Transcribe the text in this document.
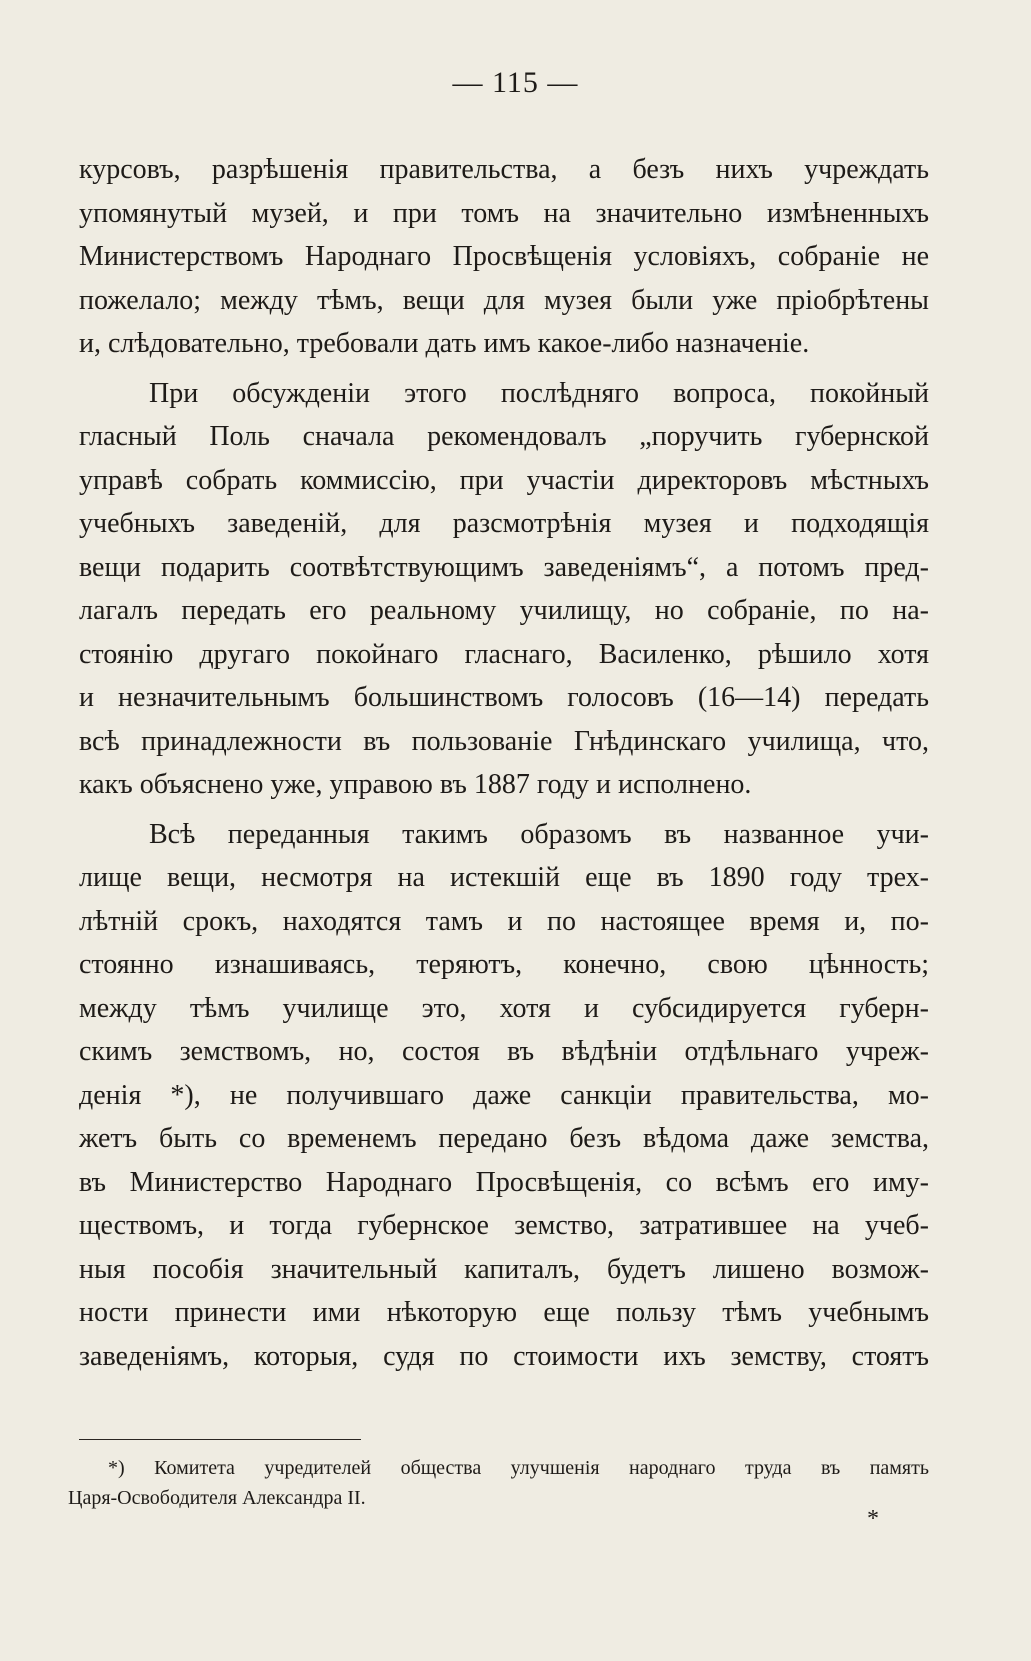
— 115 —
курсовъ, разрѣшенія правительства, а безъ нихъ учреждать
упомянутый музей, и при томъ на значительно измѣненныхъ
Министерствомъ Народнаго Просвѣщенія условіяхъ, собраніе не
пожелало; между тѣмъ, вещи для музея были уже пріобрѣтены
и, слѣдовательно, требовали дать имъ какое-либо назначеніе.
При обсужденіи этого послѣдняго вопроса, покойный
гласный Поль сначала рекомендовалъ „поручить губернской
управѣ собрать коммиссію, при участіи директоровъ мѣстныхъ
учебныхъ заведеній, для разсмотрѣнія музея и подходящія
вещи подарить соотвѣтствующимъ заведеніямъ“, а потомъ пред-
лагалъ передать его реальному училищу, но собраніе, по на-
стоянію другаго покойнаго гласнаго, Василенко, рѣшило хотя
и незначительнымъ большинствомъ голосовъ (16—14) передать
всѣ принадлежности въ пользованіе Гнѣдинскаго училища, что,
какъ объяснено уже, управою въ 1887 году и исполнено.
Всѣ переданныя такимъ образомъ въ названное учи-
лище вещи, несмотря на истекшій еще въ 1890 году трех-
лѣтній срокъ, находятся тамъ и по настоящее время и, по-
стоянно изнашиваясь, теряютъ, конечно, свою цѣнность;
между тѣмъ училище это, хотя и субсидируется губерн-
скимъ земствомъ, но, состоя въ вѣдѣніи отдѣльнаго учреж-
денія *), не получившаго даже санкціи правительства, мо-
жетъ быть со временемъ передано безъ вѣдома даже земства,
въ Министерство Народнаго Просвѣщенія, со всѣмъ его иму-
ществомъ, и тогда губернское земство, затратившее на учеб-
ныя пособія значительный капиталъ, будетъ лишено возмож-
ности принести ими нѣкоторую еще пользу тѣмъ учебнымъ
заведеніямъ, которыя, судя по стоимости ихъ земству, стоятъ
*) Комитета учредителей общества улучшенія народнаго труда въ память
Царя-Освободителя Александра II.
*
